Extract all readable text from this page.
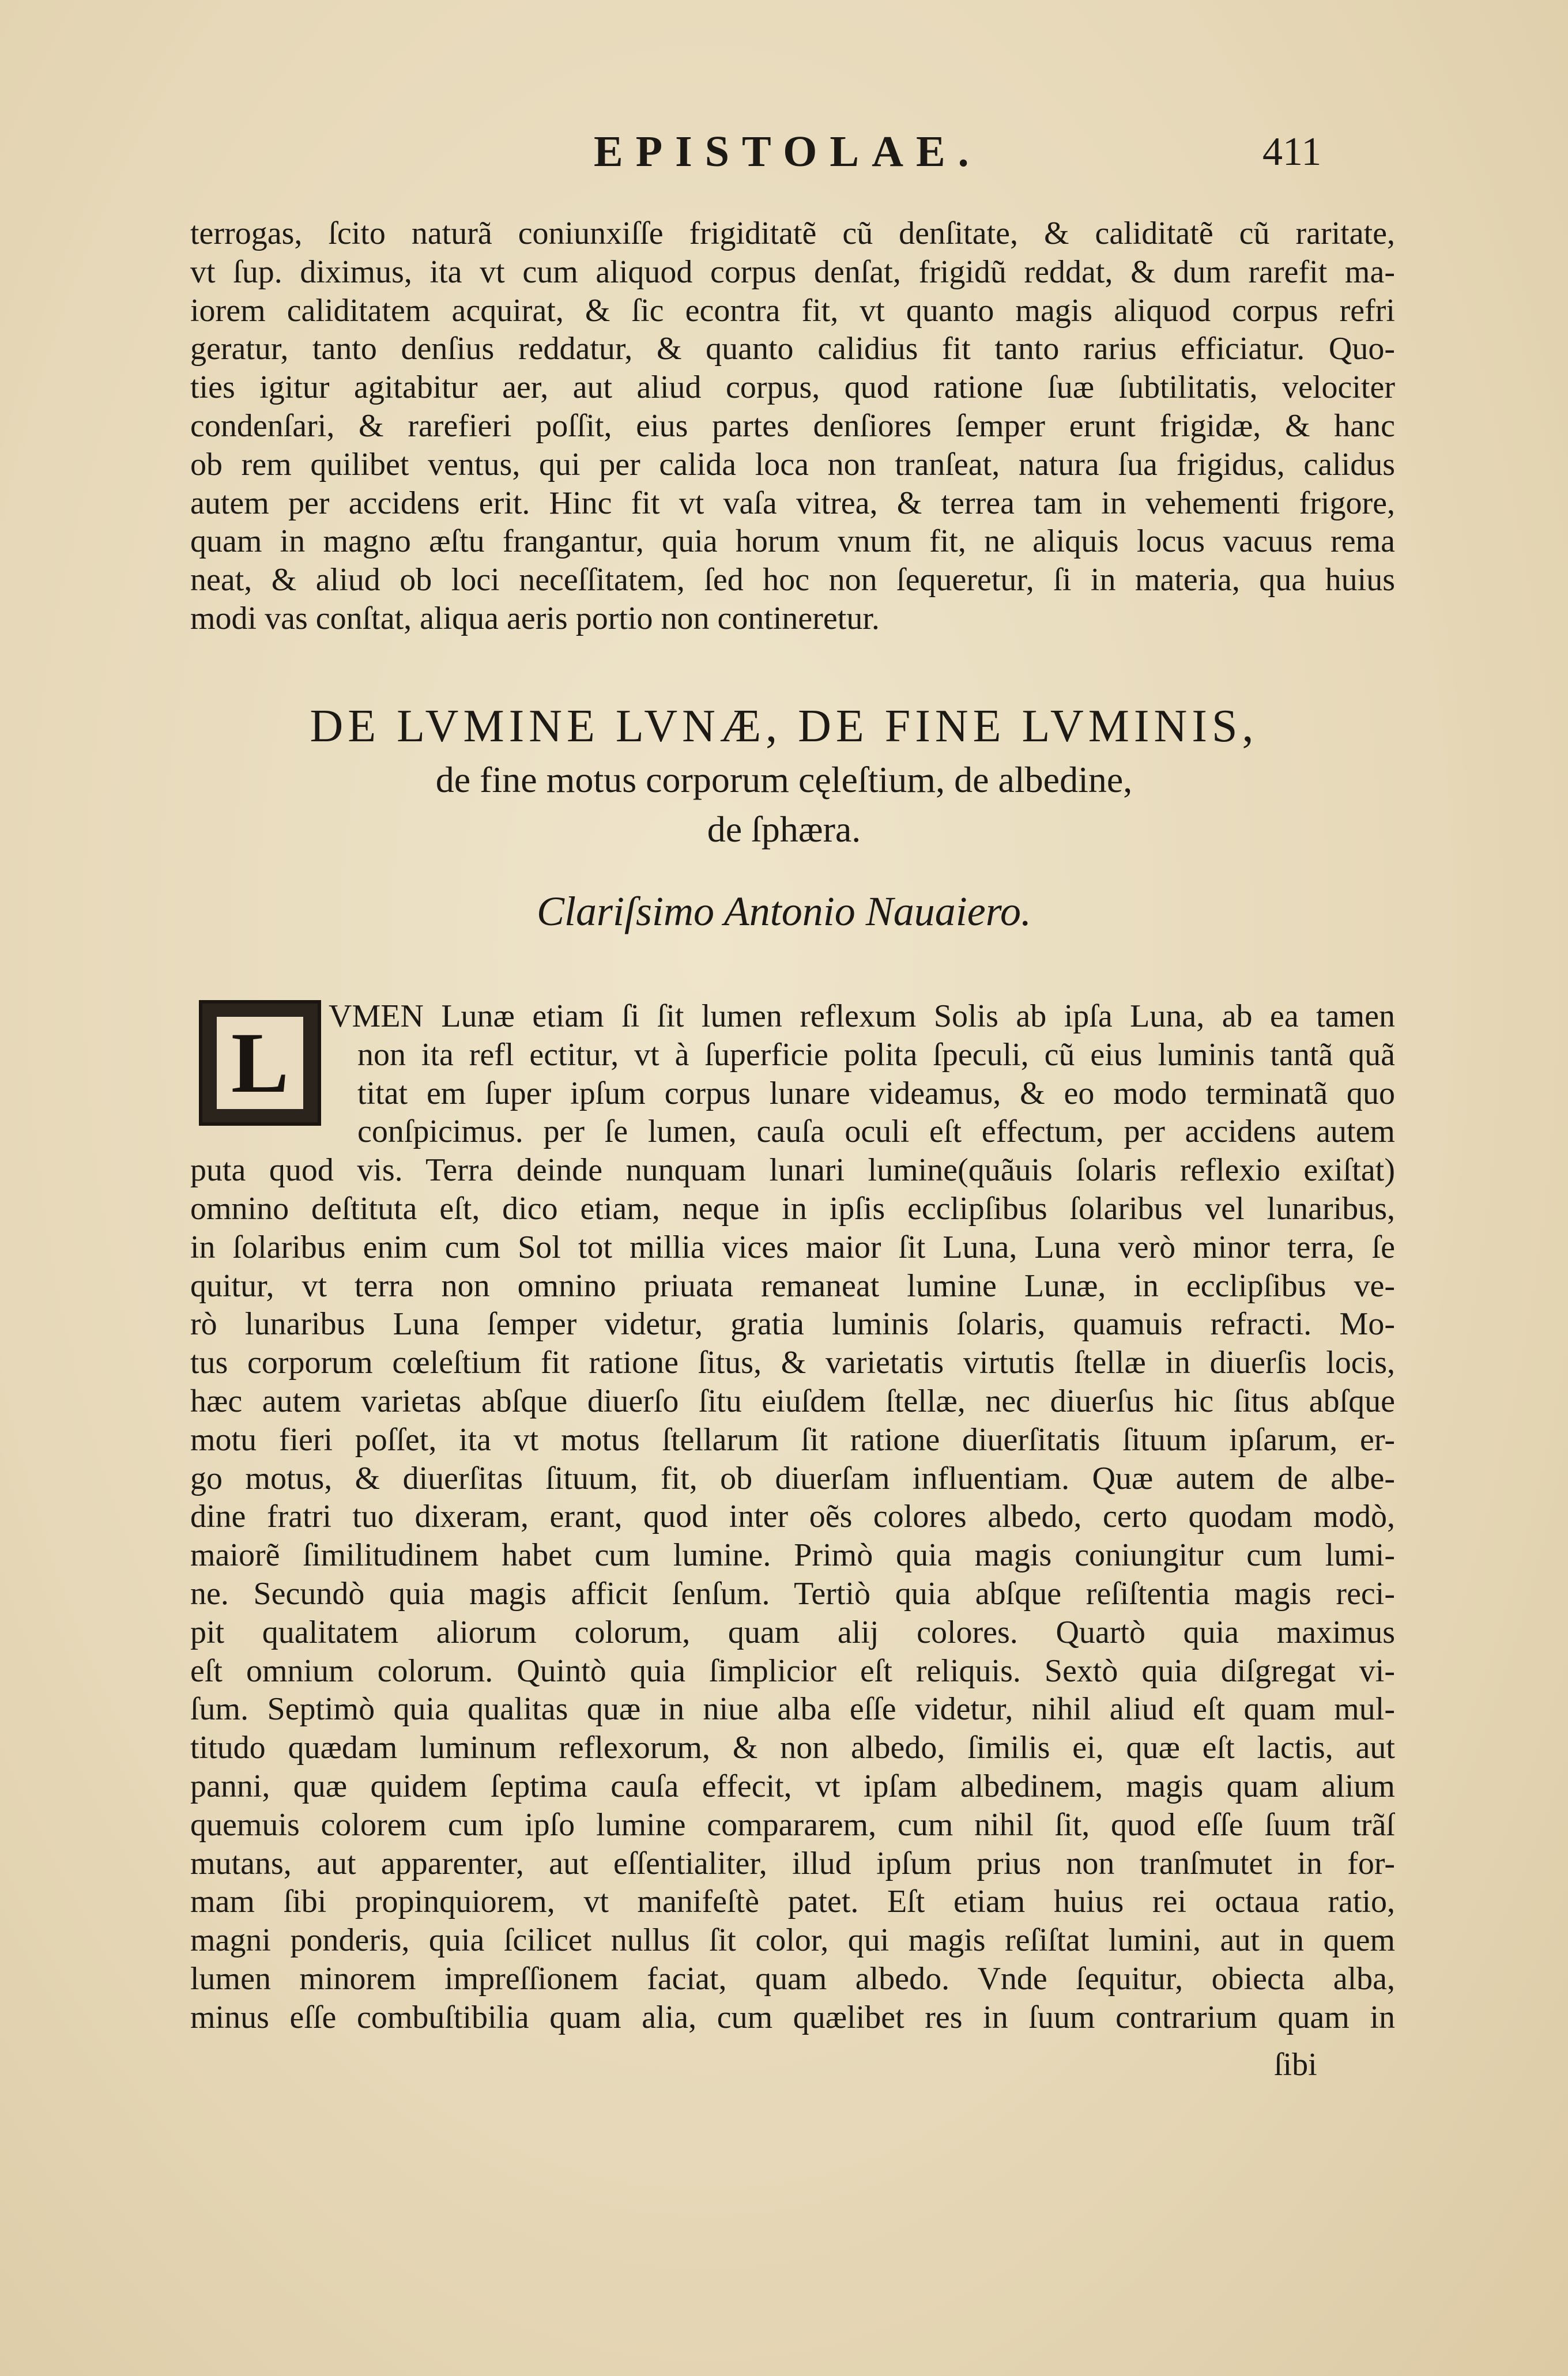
EPISTOLAE.	411
terrogas, ſcito naturã coniunxiſſe frigiditatẽ cũ denſitate, & caliditatẽ cũ raritate,
vt ſup. diximus, ita vt cum aliquod corpus denſat, frigidũ reddat, & dum rarefit ma-
iorem caliditatem acquirat, & ſic econtra fit, vt quanto magis aliquod corpus refri
geratur, tanto denſius reddatur, & quanto calidius fit tanto rarius efficiatur. Quo-
ties igitur agitabitur aer, aut aliud corpus, quod ratione ſuæ ſubtilitatis, velociter
condenſari, & rarefieri poſſit, eius partes denſiores ſemper erunt frigidæ, & hanc
ob rem quilibet ventus, qui per calida loca non tranſeat, natura ſua frigidus, calidus
autem per accidens erit. Hinc fit vt vaſa vitrea, & terrea tam in vehementi frigore,
quam in magno æſtu frangantur, quia horum vnum fit, ne aliquis locus vacuus rema
neat, & aliud ob loci neceſſitatem, ſed hoc non ſequeretur, ſi in materia, qua huius
modi vas conſtat, aliqua aeris portio non contineretur.
DE LVMINE LVNÆ, DE FINE LVMINIS,
de fine motus corporum cęleſtium, de albedine,
de ſphæra.
Clariſsimo Antonio Nauaiero.
L	VMEN Lunæ etiam ſi ſit lumen reflexum Solis ab ipſa Luna, ab ea tamen
non ita refl ectitur, vt à ſuperficie polita ſpeculi, cũ eius luminis tantã quã
titat em ſuper ipſum corpus lunare videamus, & eo modo terminatã quo
conſpicimus. per ſe lumen, cauſa oculi eſt effectum, per accidens autem
puta quod vis. Terra deinde nunquam lunari lumine(quãuis ſolaris reflexio exiſtat)
omnino deſtituta eſt, dico etiam, neque in ipſis ecclipſibus ſolaribus vel lunaribus,
in ſolaribus enim cum Sol tot millia vices maior ſit Luna, Luna verò minor terra, ſe
quitur, vt terra non omnino priuata remaneat lumine Lunæ, in ecclipſibus ve-
rò lunaribus Luna ſemper videtur, gratia luminis ſolaris, quamuis refracti. Mo-
tus corporum cœleſtium fit ratione ſitus, & varietatis virtutis ſtellæ in diuerſis locis,
hæc autem varietas abſque diuerſo ſitu eiuſdem ſtellæ, nec diuerſus hic ſitus abſque
motu fieri poſſet, ita vt motus ſtellarum ſit ratione diuerſitatis ſituum ipſarum, er-
go motus, & diuerſitas ſituum, fit, ob diuerſam influentiam. Quæ autem de albe-
dine fratri tuo dixeram, erant, quod inter oẽs colores albedo, certo quodam modò,
maiorẽ ſimilitudinem habet cum lumine. Primò quia magis coniungitur cum lumi-
ne. Secundò quia magis afficit ſenſum. Tertiò quia abſque reſiſtentia magis reci-
pit qualitatem aliorum colorum, quam alij colores. Quartò quia maximus
eſt omnium colorum. Quintò quia ſimplicior eſt reliquis. Sextò quia diſgregat vi-
ſum. Septimò quia qualitas quæ in niue alba eſſe videtur, nihil aliud eſt quam mul-
titudo quædam luminum reflexorum, & non albedo, ſimilis ei, quæ eſt lactis, aut
panni, quæ quidem ſeptima cauſa effecit, vt ipſam albedinem, magis quam alium
quemuis colorem cum ipſo lumine compararem, cum nihil ſit, quod eſſe ſuum trãſ
mutans, aut apparenter, aut eſſentialiter, illud ipſum prius non tranſmutet in for-
mam ſibi propinquiorem, vt manifeſtè patet. Eſt etiam huius rei octaua ratio,
magni ponderis, quia ſcilicet nullus ſit color, qui magis reſiſtat lumini, aut in quem
lumen minorem impreſſionem faciat, quam albedo. Vnde ſequitur, obiecta alba,
minus eſſe combuſtibilia quam alia, cum quælibet res in ſuum contrarium quam in
ſibi
